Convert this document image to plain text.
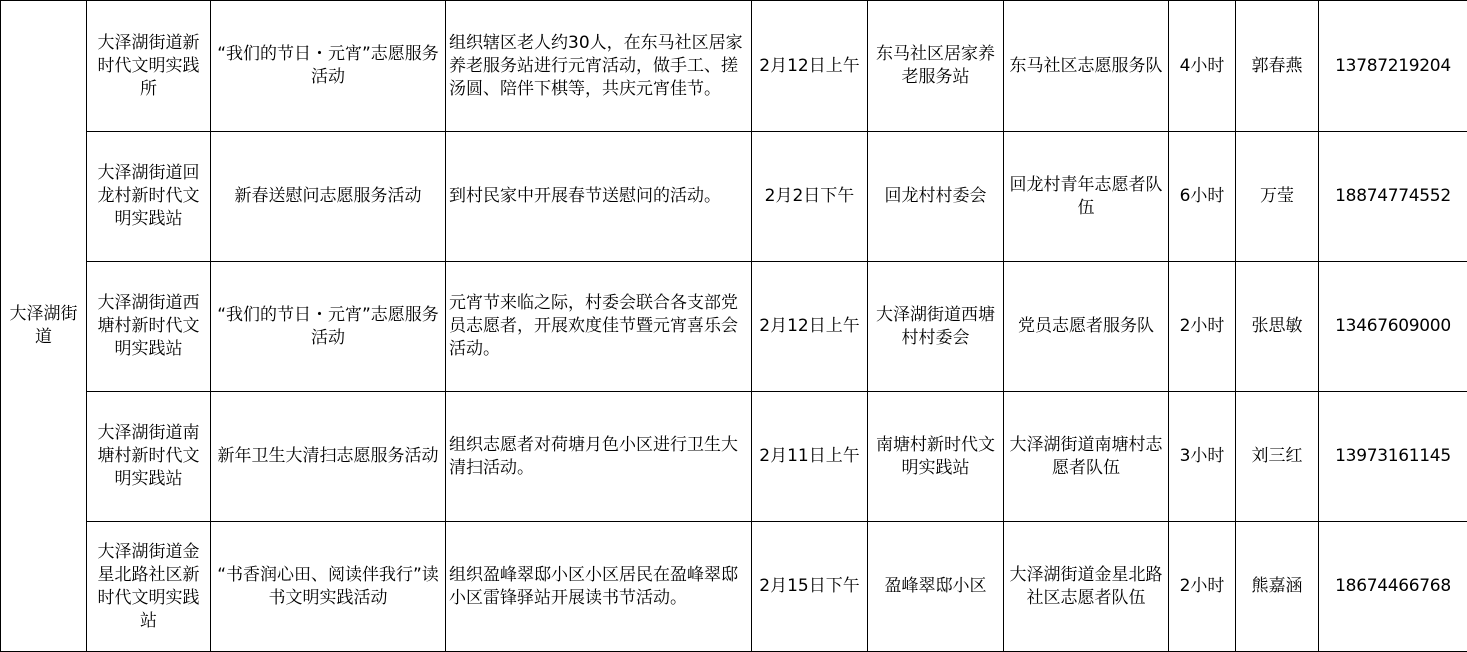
大泽湖街道	大泽湖街道新时代文明实践所	“我们的节日・元宵”志愿服务活动	组织辖区老人约30人，在东马社区居家养老服务站进行元宵活动，做手工、搓汤圆、陪伴下棋等，共庆元宵佳节。	2月12日上午	东马社区居家养老服务站	东马社区志愿服务队	4小时	郭春燕	13787219204
	大泽湖街道回龙村新时代文明实践站	新春送慰问志愿服务活动	到村民家中开展春节送慰问的活动。	2月2日下午	回龙村村委会	回龙村青年志愿者队伍	6小时	万莹	18874774552
	大泽湖街道西塘村新时代文明实践站	“我们的节日・元宵”志愿服务活动	元宵节来临之际，村委会联合各支部党员志愿者，开展欢度佳节暨元宵喜乐会活动。	2月12日上午	大泽湖街道西塘村村委会	党员志愿者服务队	2小时	张思敏	13467609000
	大泽湖街道南塘村新时代文明实践站	新年卫生大清扫志愿服务活动	组织志愿者对荷塘月色小区进行卫生大清扫活动。	2月11日上午	南塘村新时代文明实践站	大泽湖街道南塘村志愿者队伍	3小时	刘三红	13973161145
	大泽湖街道金星北路社区新时代文明实践站	“书香润心田、阅读伴我行”读书文明实践活动	组织盈峰翠邸小区小区居民在盈峰翠邸小区雷锋驿站开展读书节活动。	2月15日下午	盈峰翠邸小区	大泽湖街道金星北路社区志愿者队伍	2小时	熊嘉涵	18674466768
